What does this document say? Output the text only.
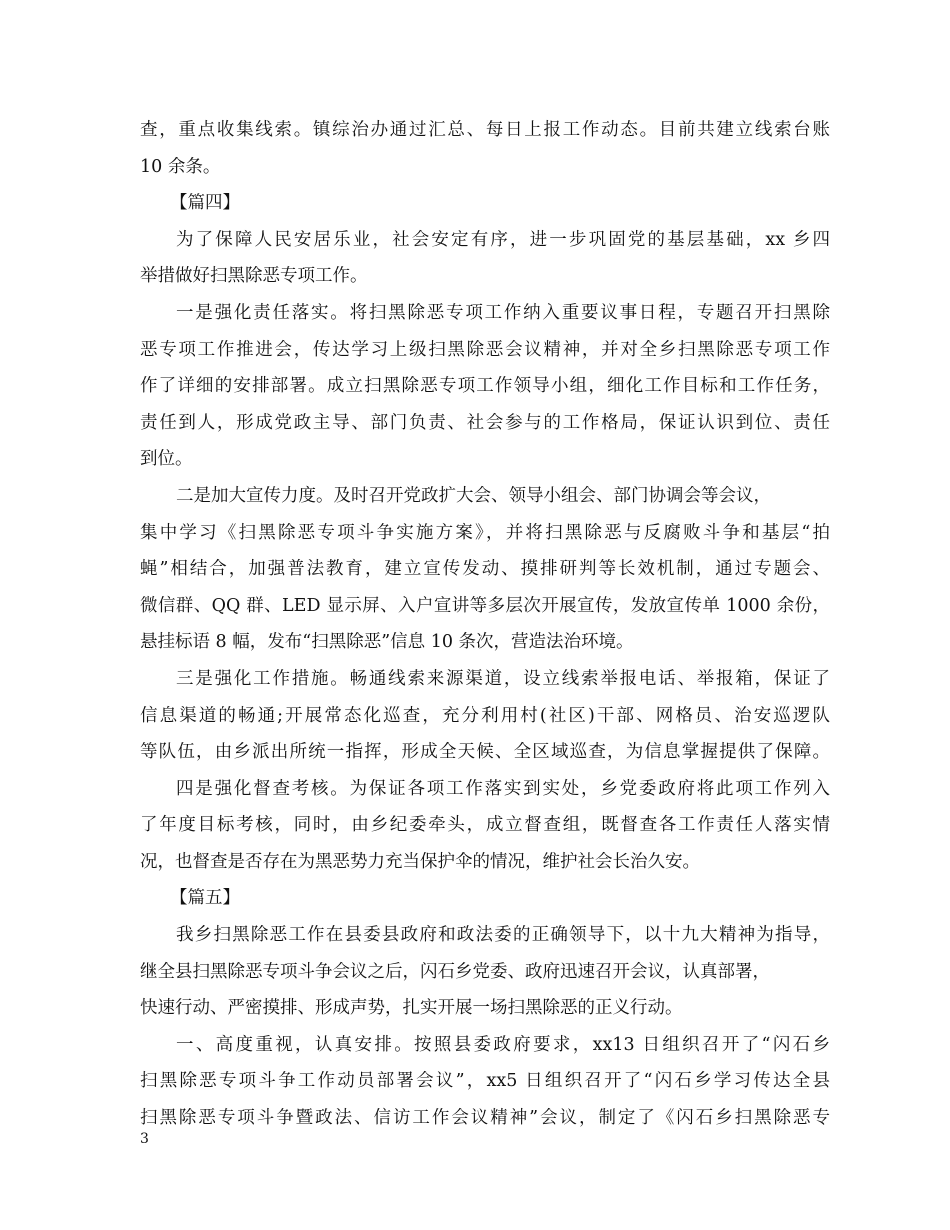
查，重点收集线索。镇综治办通过汇总、每日上报工作动态。目前共建立线索台账
10 余条。
【篇四】
为了保障人民安居乐业，社会安定有序，进一步巩固党的基层基础，xx 乡四
举措做好扫黑除恶专项工作。
一是强化责任落实。将扫黑除恶专项工作纳入重要议事日程，专题召开扫黑除
恶专项工作推进会，传达学习上级扫黑除恶会议精神，并对全乡扫黑除恶专项工作
作了详细的安排部署。成立扫黑除恶专项工作领导小组，细化工作目标和工作任务，
责任到人，形成党政主导、部门负责、社会参与的工作格局，保证认识到位、责任
到位。
二是加大宣传力度。及时召开党政扩大会、领导小组会、部门协调会等会议，
集中学习《扫黑除恶专项斗争实施方案》，并将扫黑除恶与反腐败斗争和基层“拍
蝇”相结合，加强普法教育，建立宣传发动、摸排研判等长效机制，通过专题会、
微信群、QQ 群、LED 显示屏、入户宣讲等多层次开展宣传，发放宣传单 1000 余份，
悬挂标语 8 幅，发布“扫黑除恶”信息 10 条次，营造法治环境。
三是强化工作措施。畅通线索来源渠道，设立线索举报电话、举报箱，保证了
信息渠道的畅通;开展常态化巡查，充分利用村(社区)干部、网格员、治安巡逻队
等队伍，由乡派出所统一指挥，形成全天候、全区域巡查，为信息掌握提供了保障。
四是强化督查考核。为保证各项工作落实到实处，乡党委政府将此项工作列入
了年度目标考核，同时，由乡纪委牵头，成立督查组，既督查各工作责任人落实情
况，也督查是否存在为黑恶势力充当保护伞的情况，维护社会长治久安。
【篇五】
我乡扫黑除恶工作在县委县政府和政法委的正确领导下，以十九大精神为指导，
继全县扫黑除恶专项斗争会议之后，闪石乡党委、政府迅速召开会议，认真部署，
快速行动、严密摸排、形成声势，扎实开展一场扫黑除恶的正义行动。
一、高度重视，认真安排。按照县委政府要求，xx13 日组织召开了“闪石乡
扫黑除恶专项斗争工作动员部署会议”，xx5 日组织召开了“闪石乡学习传达全县
扫黑除恶专项斗争暨政法、信访工作会议精神”会议，制定了《闪石乡扫黑除恶专
3
